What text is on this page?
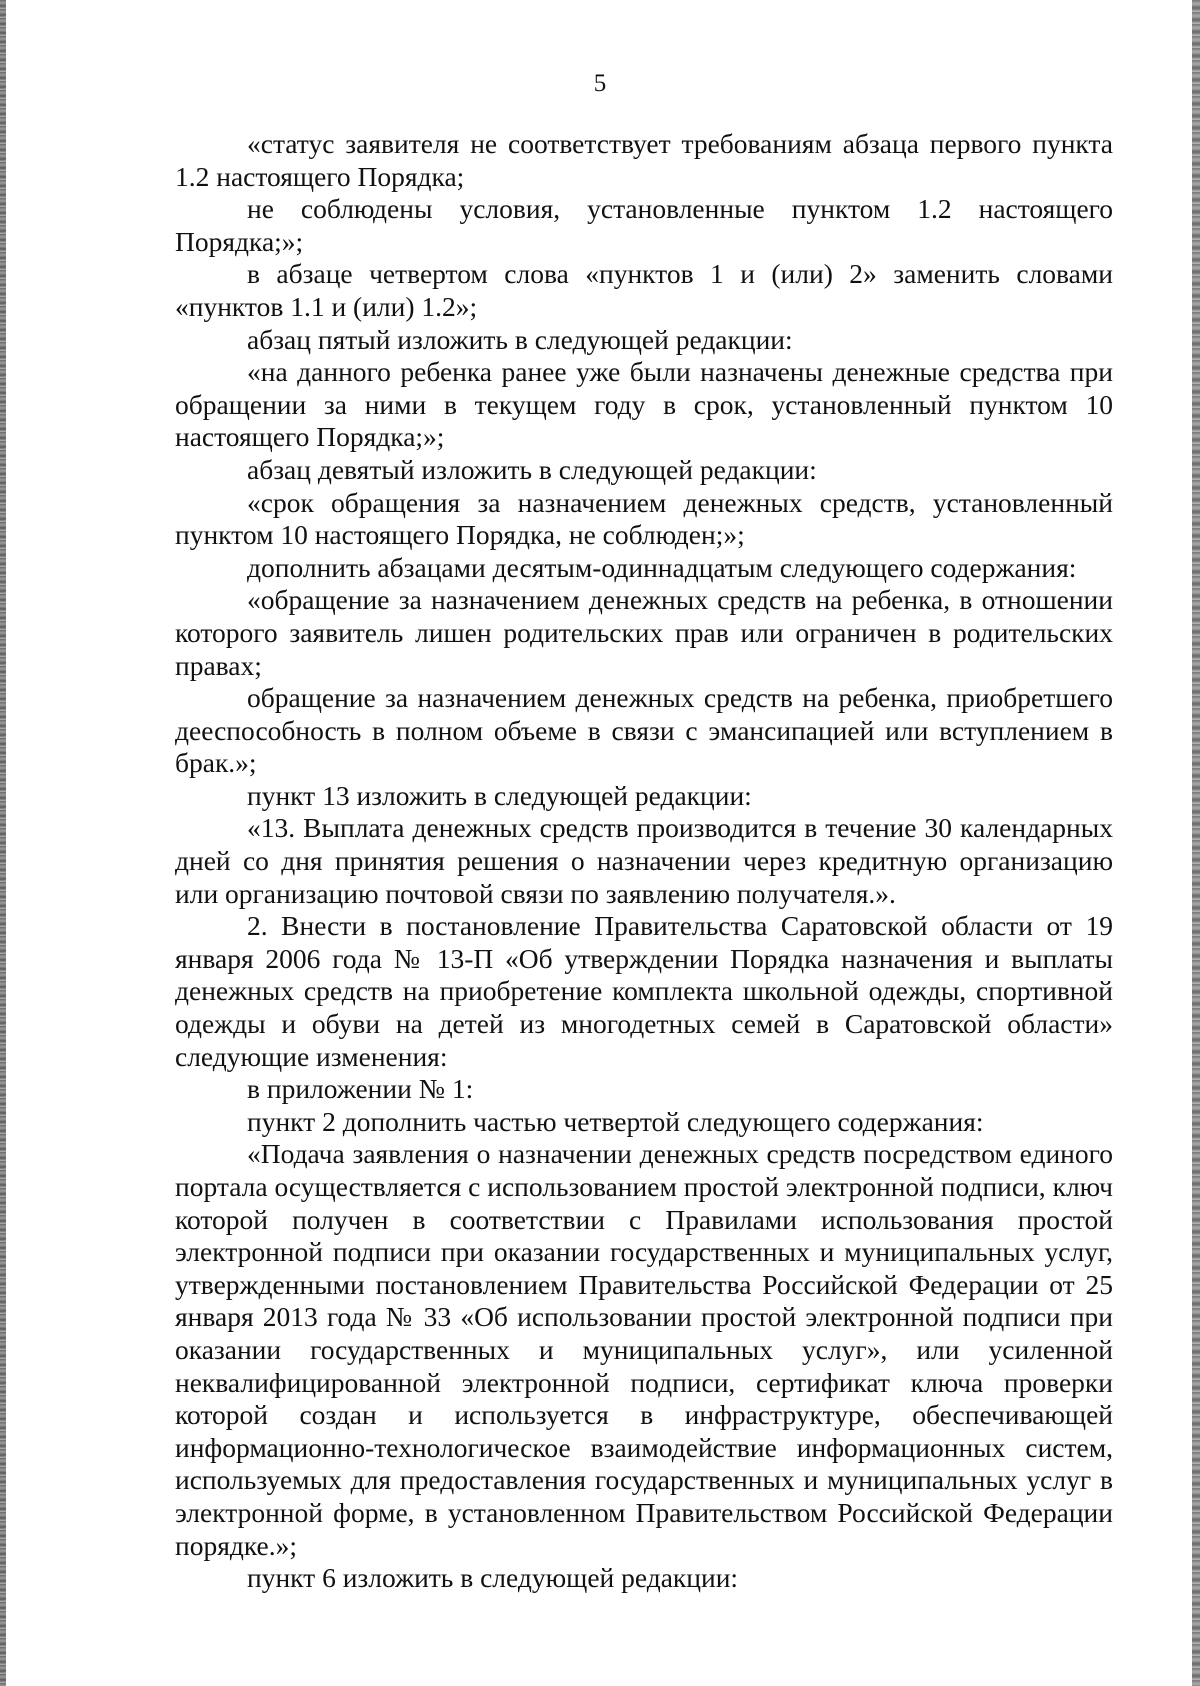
5

«статус заявителя не соответствует требованиям абзаца первого пункта 1.2 настоящего Порядка;

не соблюдены условия, установленные пунктом 1.2 настоящего Порядка;»;

в абзаце четвертом слова «пунктов 1 и (или) 2» заменить словами «пунктов 1.1 и (или) 1.2»;

абзац пятый изложить в следующей редакции:

«на данного ребенка ранее уже были назначены денежные средства при обращении за ними в текущем году в срок, установленный пунктом 10 настоящего Порядка;»;

абзац девятый изложить в следующей редакции:

«срок обращения за назначением денежных средств, установленный пунктом 10 настоящего Порядка, не соблюден;»;

дополнить абзацами десятым-одиннадцатым следующего содержания:

«обращение за назначением денежных средств на ребенка, в отношении которого заявитель лишен родительских прав или ограничен в родительских правах;

обращение за назначением денежных средств на ребенка, приобретшего дееспособность в полном объеме в связи с эмансипацией или вступлением в брак.»;

пункт 13 изложить в следующей редакции:

«13. Выплата денежных средств производится в течение 30 календарных дней со дня принятия решения о назначении через кредитную организацию или организацию почтовой связи по заявлению получателя.».

2. Внести в постановление Правительства Саратовской области от 19 января 2006 года № 13-П «Об утверждении Порядка назначения и выплаты денежных средств на приобретение комплекта школьной одежды, спортивной одежды и обуви на детей из многодетных семей в Саратовской области» следующие изменения:

в приложении № 1:

пункт 2 дополнить частью четвертой следующего содержания:

«Подача заявления о назначении денежных средств посредством единого портала осуществляется с использованием простой электронной подписи, ключ которой получен в соответствии с Правилами использования простой электронной подписи при оказании государственных и муниципальных услуг, утвержденными постановлением Правительства Российской Федерации от 25 января 2013 года № 33 «Об использовании простой электронной подписи при оказании государственных и муниципальных услуг», или усиленной неквалифицированной электронной подписи, сертификат ключа проверки которой создан и используется в инфраструктуре, обеспечивающей информационно-технологическое взаимодействие информационных систем, используемых для предоставления государственных и муниципальных услуг в электронной форме, в установленном Правительством Российской Федерации порядке.»;

пункт 6 изложить в следующей редакции:
